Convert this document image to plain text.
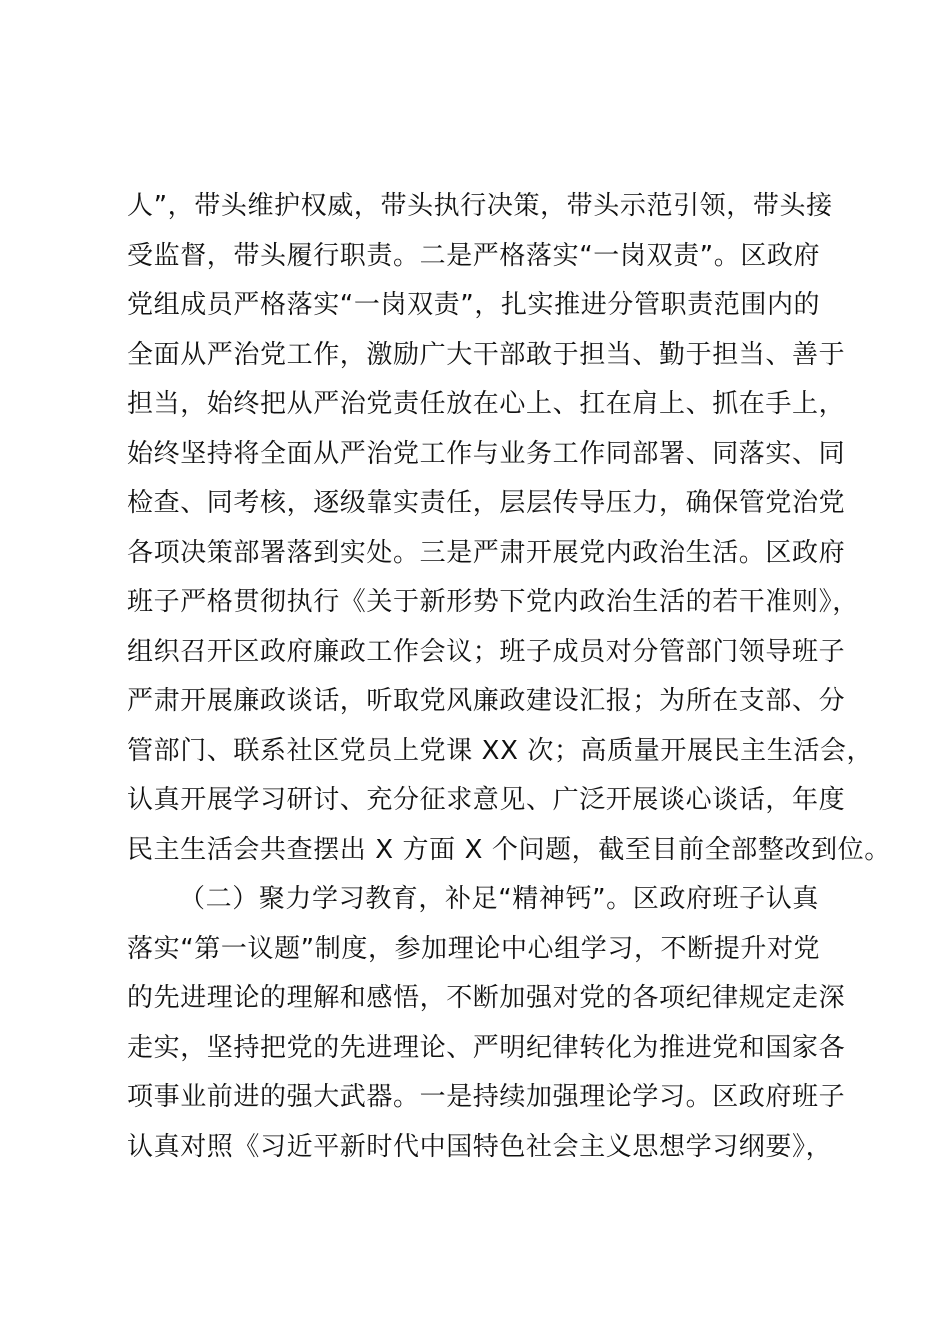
人”，带头维护权威，带头执行决策，带头示范引领，带头接
受监督，带头履行职责。二是严格落实“一岗双责”。区政府
党组成员严格落实“一岗双责”，扎实推进分管职责范围内的
全面从严治党工作，激励广大干部敢于担当、勤于担当、善于
担当，始终把从严治党责任放在心上、扛在肩上、抓在手上，
始终坚持将全面从严治党工作与业务工作同部署、同落实、同
检查、同考核，逐级靠实责任，层层传导压力，确保管党治党
各项决策部署落到实处。三是严肃开展党内政治生活。区政府
班子严格贯彻执行《关于新形势下党内政治生活的若干准则》，
组织召开区政府廉政工作会议；班子成员对分管部门领导班子
严肃开展廉政谈话，听取党风廉政建设汇报；为所在支部、分
管部门、联系社区党员上党课 XX 次；高质量开展民主生活会，
认真开展学习研讨、充分征求意见、广泛开展谈心谈话，年度
民主生活会共查摆出 X 方面 X 个问题，截至目前全部整改到位。
（二）聚力学习教育，补足“精神钙”。区政府班子认真
落实“第一议题”制度，参加理论中心组学习，不断提升对党
的先进理论的理解和感悟，不断加强对党的各项纪律规定走深
走实，坚持把党的先进理论、严明纪律转化为推进党和国家各
项事业前进的强大武器。一是持续加强理论学习。区政府班子
认真对照《习近平新时代中国特色社会主义思想学习纲要》，
